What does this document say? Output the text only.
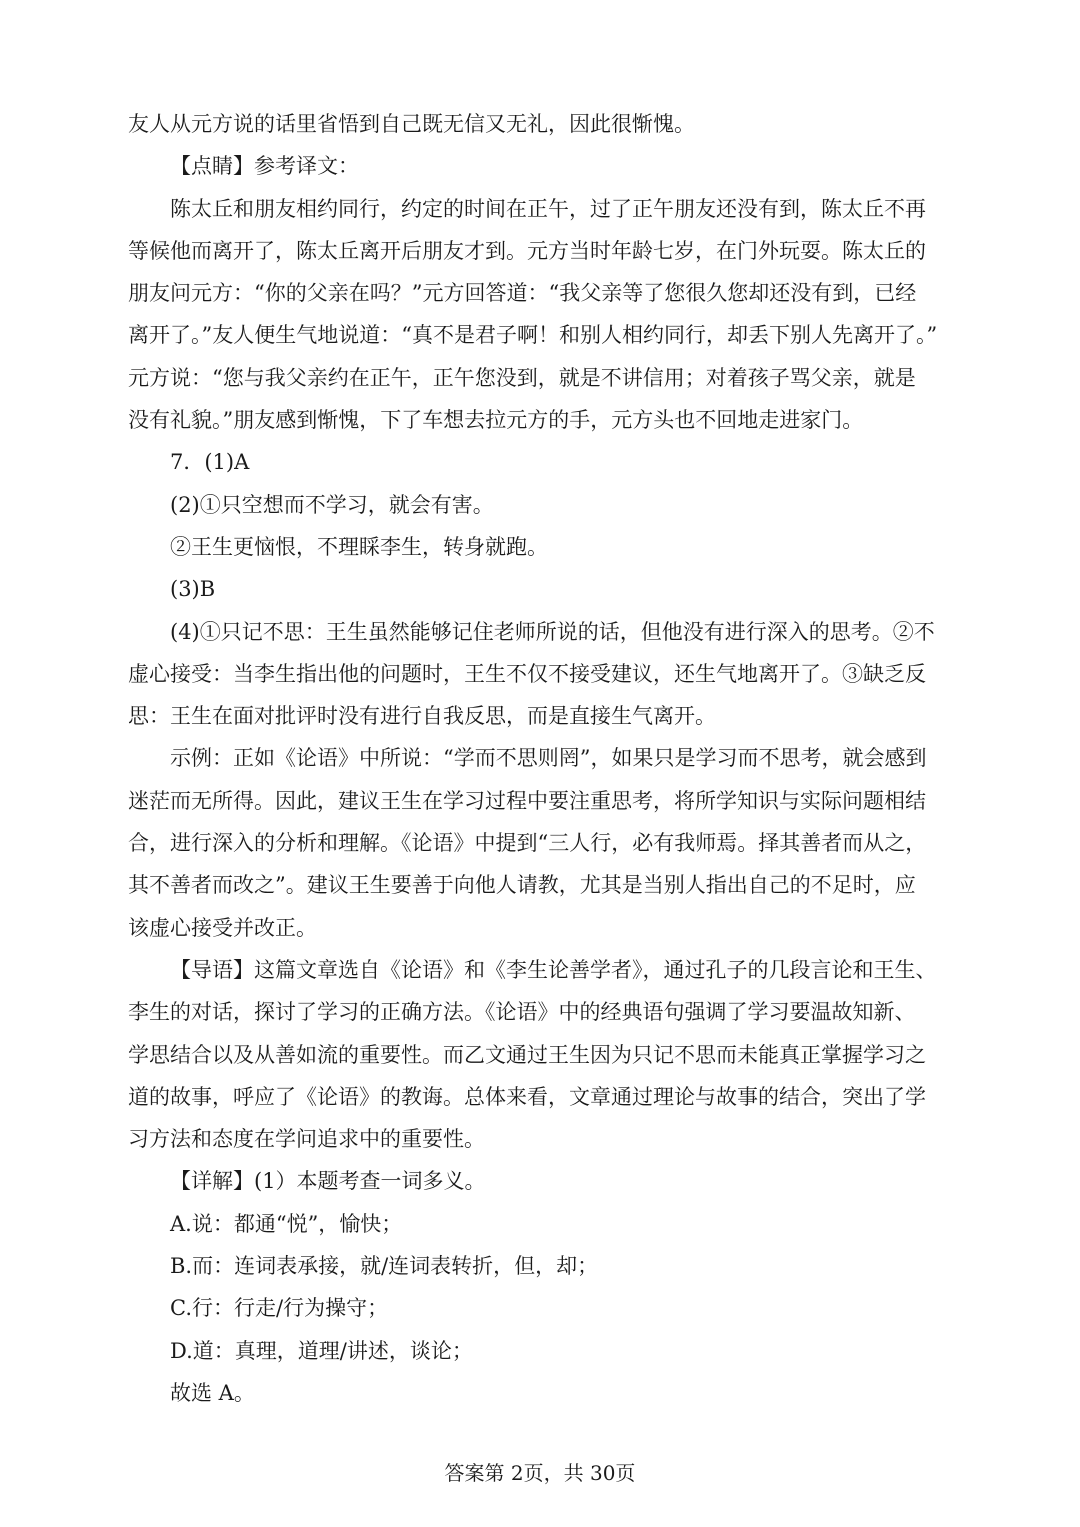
友人从元方说的话里省悟到自己既无信又无礼，因此很惭愧。
【点睛】参考译文：
陈太丘和朋友相约同行，约定的时间在正午，过了正午朋友还没有到，陈太丘不再
等候他而离开了，陈太丘离开后朋友才到。元方当时年龄七岁，在门外玩耍。陈太丘的
朋友问元方：“你的父亲在吗？”元方回答道：“我父亲等了您很久您却还没有到，已经
离开了。”友人便生气地说道：“真不是君子啊！和别人相约同行，却丢下别人先离开了。”
元方说：“您与我父亲约在正午，正午您没到，就是不讲信用；对着孩子骂父亲，就是
没有礼貌。”朋友感到惭愧，下了车想去拉元方的手，元方头也不回地走进家门。
7．(1)A
(2)①只空想而不学习，就会有害。
②王生更恼恨，不理睬李生，转身就跑。
(3)B
(4)①只记不思：王生虽然能够记住老师所说的话，但他没有进行深入的思考。②不
虚心接受：当李生指出他的问题时，王生不仅不接受建议，还生气地离开了。③缺乏反
思：王生在面对批评时没有进行自我反思，而是直接生气离开。
示例：正如《论语》中所说：“学而不思则罔”，如果只是学习而不思考，就会感到
迷茫而无所得。因此，建议王生在学习过程中要注重思考，将所学知识与实际问题相结
合，进行深入的分析和理解。《论语》中提到“三人行，必有我师焉。择其善者而从之，
其不善者而改之”。建议王生要善于向他人请教，尤其是当别人指出自己的不足时，应
该虚心接受并改正。
【导语】这篇文章选自《论语》和《李生论善学者》，通过孔子的几段言论和王生、
李生的对话，探讨了学习的正确方法。《论语》中的经典语句强调了学习要温故知新、
学思结合以及从善如流的重要性。而乙文通过王生因为只记不思而未能真正掌握学习之
道的故事，呼应了《论语》的教诲。总体来看，文章通过理论与故事的结合，突出了学
习方法和态度在学问追求中的重要性。
【详解】(1）本题考查一词多义。
A.说：都通“悦”，愉快；
B.而：连词表承接，就/连词表转折，但，却；
C.行：行走/行为操守；
D.道：真理，道理/讲述，谈论；
故选 A。
答案第 2页，共 30页
